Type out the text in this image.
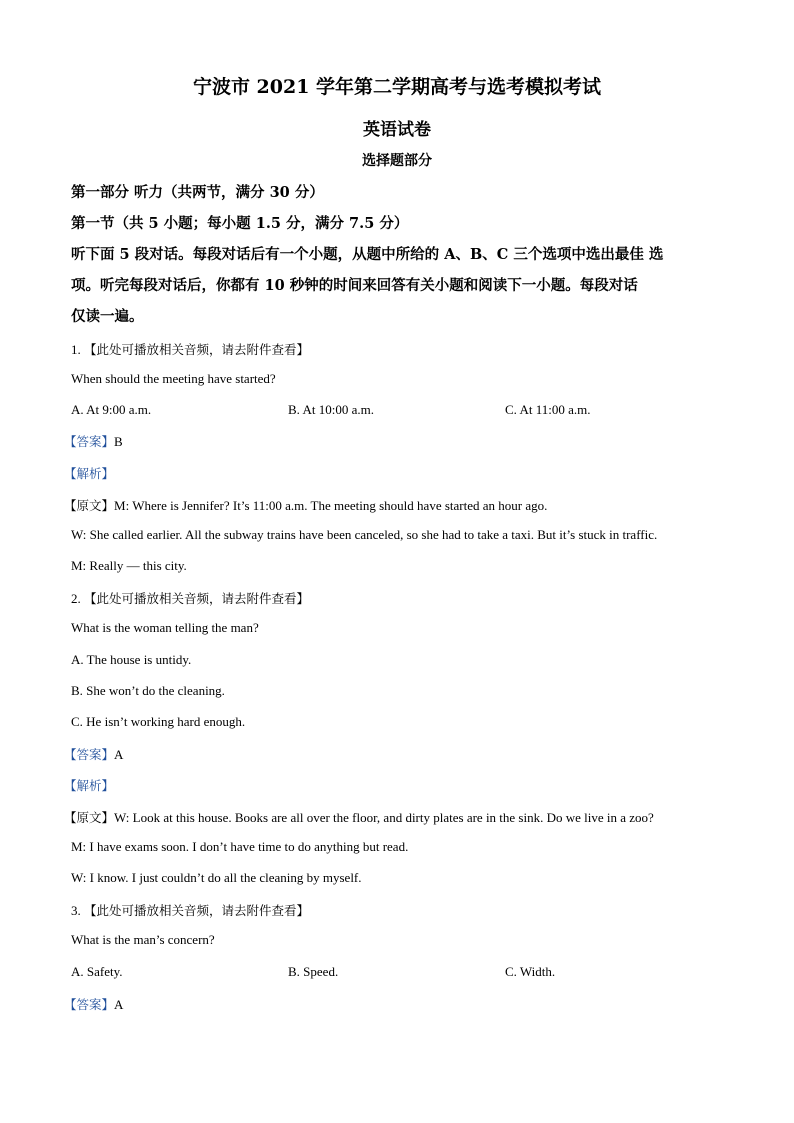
宁波市 2021 学年第二学期高考与选考模拟考试
英语试卷
选择题部分
第一部分 听力（共两节，满分 30 分）
第一节（共 5 小题；每小题 1.5 分，满分 7.5 分）
听下面 5 段对话。每段对话后有一个小题，从题中所给的 A、B、C 三个选项中选出最佳 选
项。听完每段对话后，你都有 10 秒钟的时间来回答有关小题和阅读下一小题。每段对话
仅读一遍。
1. 【此处可播放相关音频，请去附件查看】
When should the meeting have started?
A. At 9:00 a.m.	B. At 10:00 a.m.	C. At 11:00 a.m.
【答案】B
【解析】
【原文】M: Where is Jennifer? It’s 11:00 a.m. The meeting should have started an hour ago.
W: She called earlier. All the subway trains have been canceled, so she had to take a taxi. But it’s stuck in traffic.
M: Really — this city.
2. 【此处可播放相关音频，请去附件查看】
What is the woman telling the man?
A. The house is untidy.
B. She won’t do the cleaning.
C. He isn’t working hard enough.
【答案】A
【解析】
【原文】W: Look at this house. Books are all over the floor, and dirty plates are in the sink. Do we live in a zoo?
M: I have exams soon. I don’t have time to do anything but read.
W: I know. I just couldn’t do all the cleaning by myself.
3. 【此处可播放相关音频，请去附件查看】
What is the man’s concern?
A. Safety.	B. Speed.	C. Width.
【答案】A
